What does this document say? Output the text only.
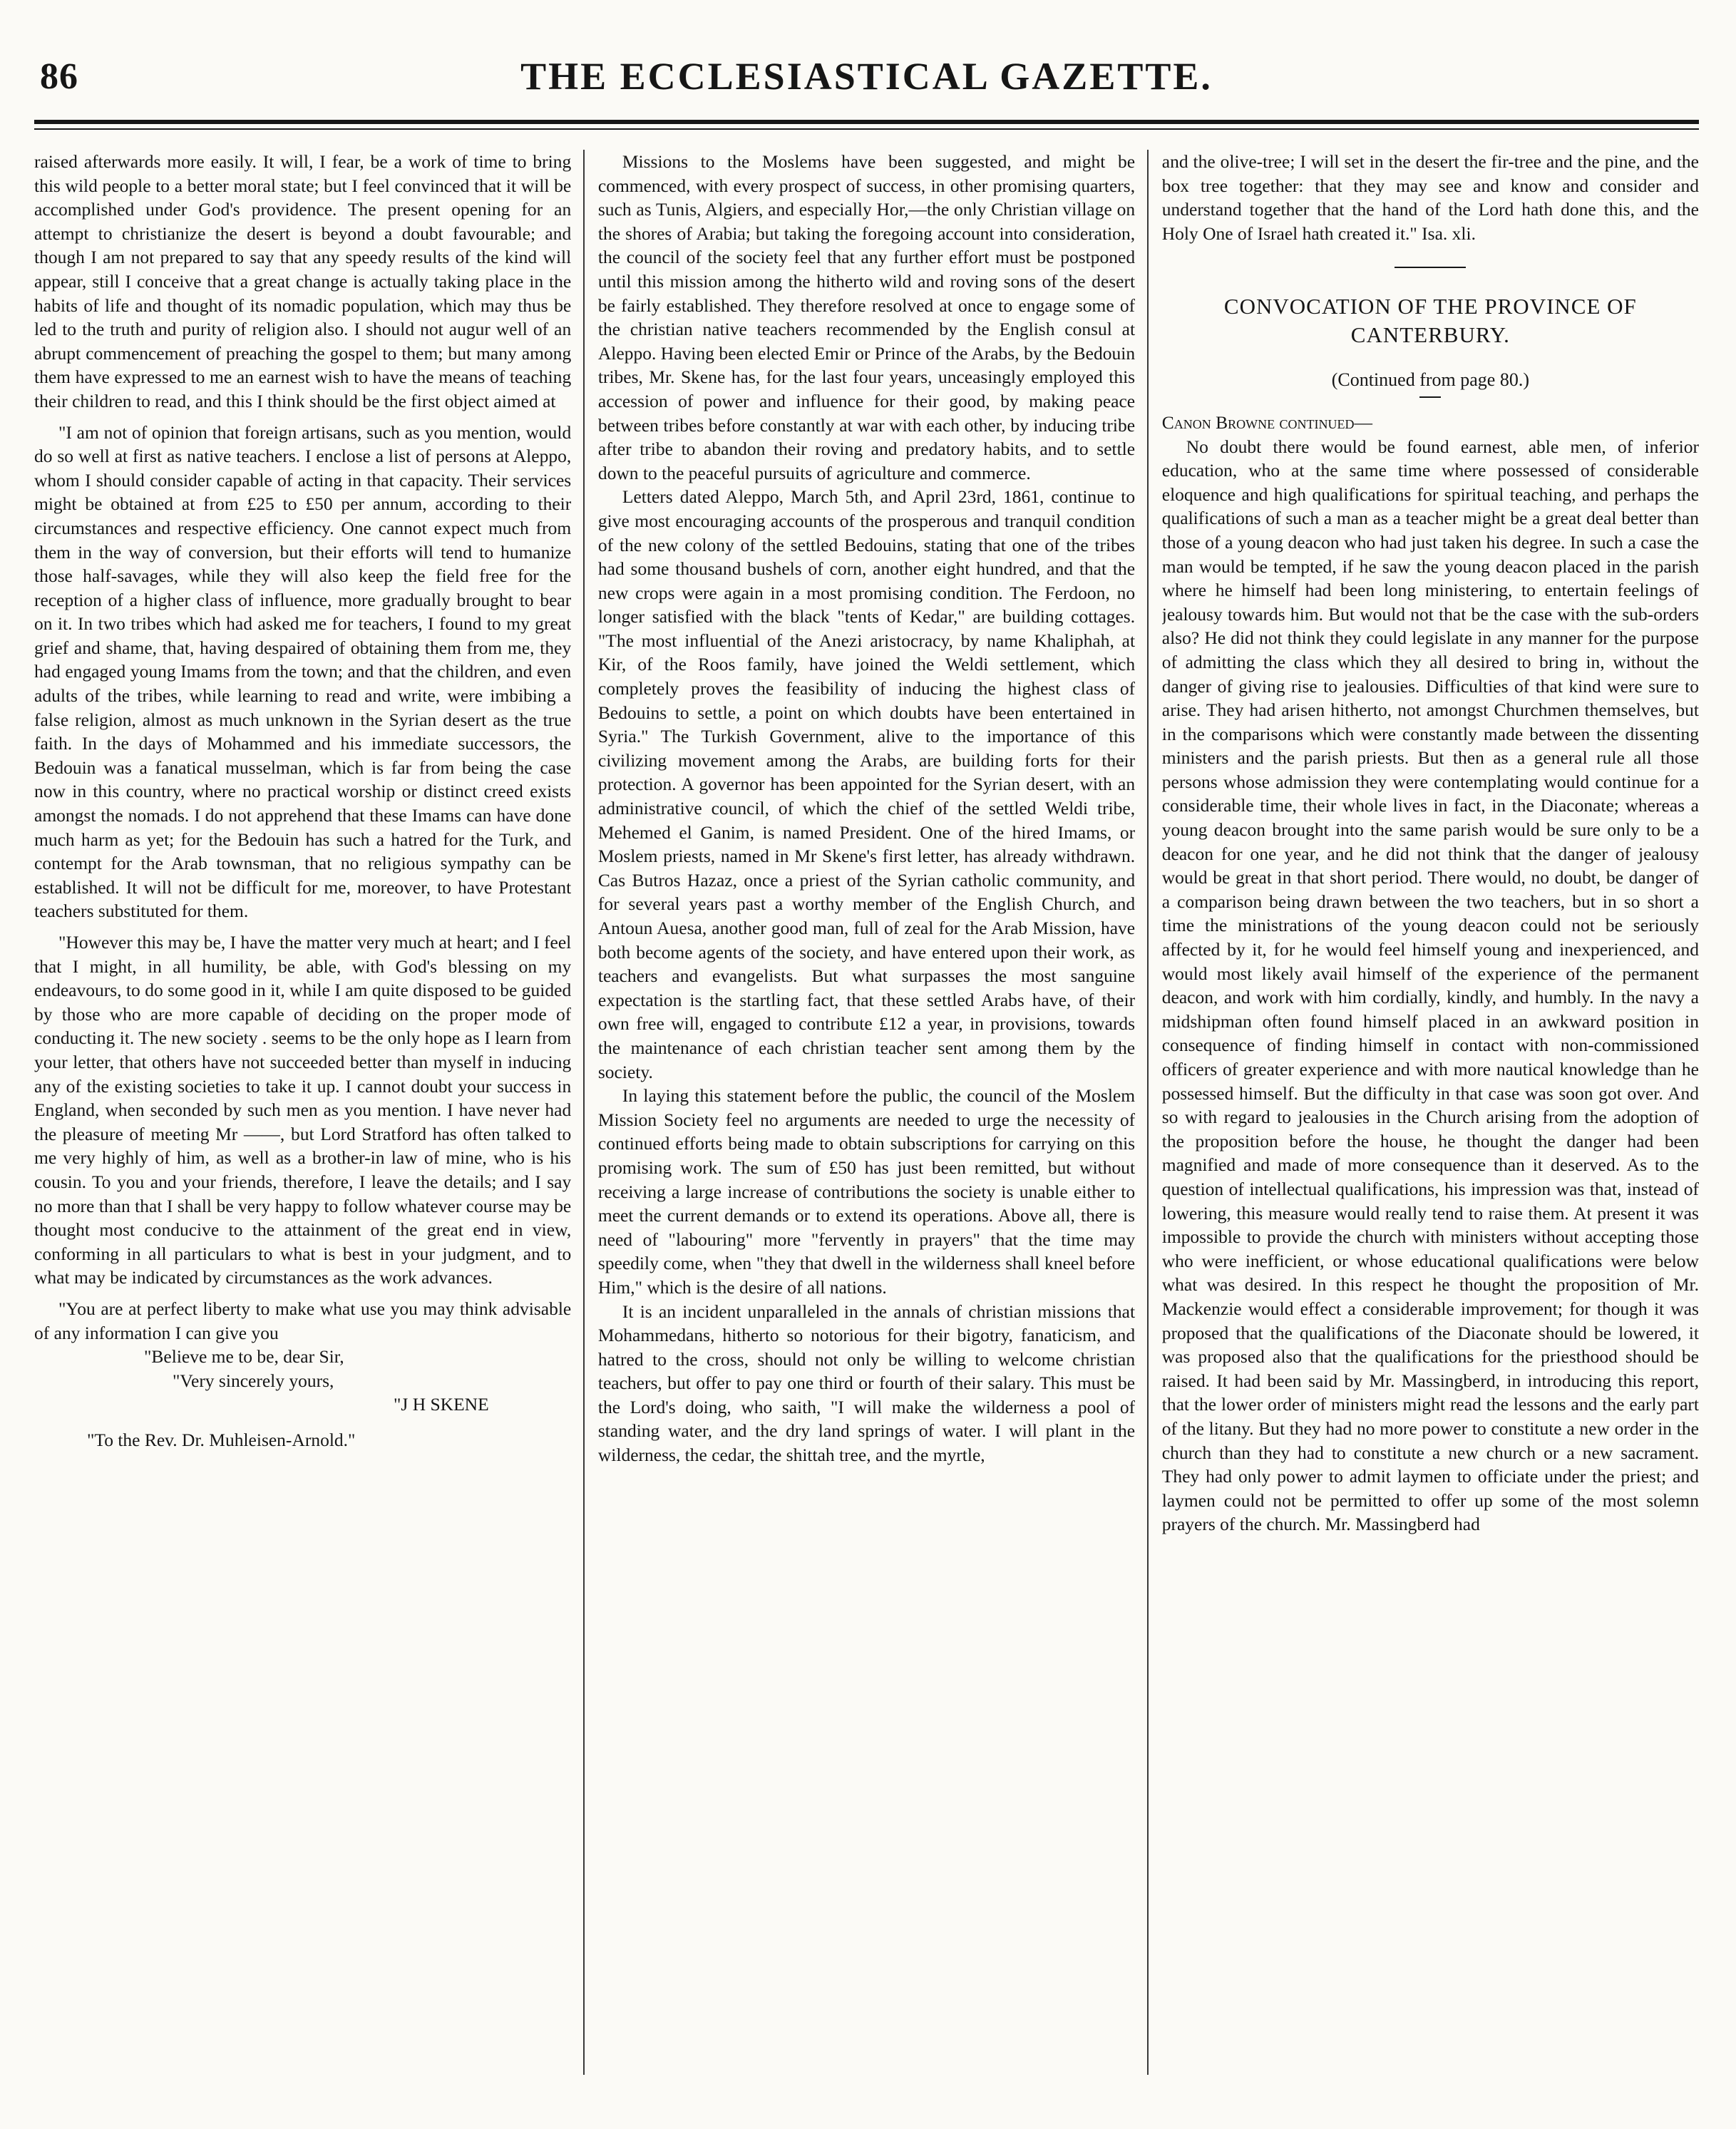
86	THE ECCLESIASTICAL GAZETTE.

raised afterwards more easily. It will, I fear, be a work of time to bring this wild people to a better moral state; but I feel convinced that it will be accomplished under God's providence. The present opening for an attempt to christianize the desert is beyond a doubt favourable; and though I am not prepared to say that any speedy results of the kind will appear, still I conceive that a great change is actually taking place in the habits of life and thought of its nomadic population, which may thus be led to the truth and purity of religion also. I should not augur well of an abrupt commencement of preaching the gospel to them; but many among them have expressed to me an earnest wish to have the means of teaching their children to read, and this I think should be the first object aimed at

"I am not of opinion that foreign artisans, such as you mention, would do so well at first as native teachers. I enclose a list of persons at Aleppo, whom I should consider capable of acting in that capacity. Their services might be obtained at from £25 to £50 per annum, according to their circumstances and respective efficiency. One cannot expect much from them in the way of conversion, but their efforts will tend to humanize those half-savages, while they will also keep the field free for the reception of a higher class of influence, more gradually brought to bear on it. In two tribes which had asked me for teachers, I found to my great grief and shame, that, having despaired of obtaining them from me, they had engaged young Imams from the town; and that the children, and even adults of the tribes, while learning to read and write, were imbibing a false religion, almost as much unknown in the Syrian desert as the true faith. In the days of Mohammed and his immediate successors, the Bedouin was a fanatical musselman, which is far from being the case now in this country, where no practical worship or distinct creed exists amongst the nomads. I do not apprehend that these Imams can have done much harm as yet; for the Bedouin has such a hatred for the Turk, and contempt for the Arab townsman, that no religious sympathy can be established. It will not be difficult for me, moreover, to have Protestant teachers substituted for them.

"However this may be, I have the matter very much at heart; and I feel that I might, in all humility, be able, with God's blessing on my endeavours, to do some good in it, while I am quite disposed to be guided by those who are more capable of deciding on the proper mode of conducting it. The new society . seems to be the only hope as I learn from your letter, that others have not succeeded better than myself in inducing any of the existing societies to take it up. I cannot doubt your success in England, when seconded by such men as you mention. I have never had the pleasure of meeting Mr ——, but Lord Stratford has often talked to me very highly of him, as well as a brother-in law of mine, who is his cousin. To you and your friends, therefore, I leave the details; and I say no more than that I shall be very happy to follow whatever course may be thought most conducive to the attainment of the great end in view, conforming in all particulars to what is best in your judgment, and to what may be indicated by circumstances as the work advances.

"You are at perfect liberty to make what use you may think advisable of any information I can give you

"Believe me to be, dear Sir,

"Very sincerely yours,

"J H SKENE

"To the Rev. Dr. Muhleisen-Arnold."

Missions to the Moslems have been suggested, and might be commenced, with every prospect of success, in other promising quarters, such as Tunis, Algiers, and especially Hor,—the only Christian village on the shores of Arabia; but taking the foregoing account into consideration, the council of the society feel that any further effort must be postponed until this mission among the hitherto wild and roving sons of the desert be fairly established. They therefore resolved at once to engage some of the christian native teachers recommended by the English consul at Aleppo. Having been elected Emir or Prince of the Arabs, by the Bedouin tribes, Mr. Skene has, for the last four years, unceasingly employed this accession of power and influence for their good, by making peace between tribes before constantly at war with each other, by inducing tribe after tribe to abandon their roving and predatory habits, and to settle down to the peaceful pursuits of agriculture and commerce.

Letters dated Aleppo, March 5th, and April 23rd, 1861, continue to give most encouraging accounts of the prosperous and tranquil condition of the new colony of the settled Bedouins, stating that one of the tribes had some thousand bushels of corn, another eight hundred, and that the new crops were again in a most promising condition. The Ferdoon, no longer satisfied with the black "tents of Kedar," are building cottages. "The most influential of the Anezi aristocracy, by name Khaliphah, at Kir, of the Roos family, have joined the Weldi settlement, which completely proves the feasibility of inducing the highest class of Bedouins to settle, a point on which doubts have been entertained in Syria." The Turkish Government, alive to the importance of this civilizing movement among the Arabs, are building forts for their protection. A governor has been appointed for the Syrian desert, with an administrative council, of which the chief of the settled Weldi tribe, Mehemed el Ganim, is named President. One of the hired Imams, or Moslem priests, named in Mr Skene's first letter, has already withdrawn. Cas Butros Hazaz, once a priest of the Syrian catholic community, and for several years past a worthy member of the English Church, and Antoun Auesa, another good man, full of zeal for the Arab Mission, have both become agents of the society, and have entered upon their work, as teachers and evangelists. But what surpasses the most sanguine expectation is the startling fact, that these settled Arabs have, of their own free will, engaged to contribute £12 a year, in provisions, towards the maintenance of each christian teacher sent among them by the society.

In laying this statement before the public, the council of the Moslem Mission Society feel no arguments are needed to urge the necessity of continued efforts being made to obtain subscriptions for carrying on this promising work. The sum of £50 has just been remitted, but without receiving a large increase of contributions the society is unable either to meet the current demands or to extend its operations. Above all, there is need of "labouring" more "fervently in prayers" that the time may speedily come, when "they that dwell in the wilderness shall kneel before Him," which is the desire of all nations.

It is an incident unparalleled in the annals of christian missions that Mohammedans, hitherto so notorious for their bigotry, fanaticism, and hatred to the cross, should not only be willing to welcome christian teachers, but offer to pay one third or fourth of their salary. This must be the Lord's doing, who saith, "I will make the wilderness a pool of standing water, and the dry land springs of water. I will plant in the wilderness, the cedar, the shittah tree, and the myrtle,

and the olive-tree; I will set in the desert the fir-tree and the pine, and the box tree together: that they may see and know and consider and understand together that the hand of the Lord hath done this, and the Holy One of Israel hath created it." Isa. xli.

CONVOCATION OF THE PROVINCE OF CANTERBURY.
(Continued from page 80.)

Canon Browne continued—

No doubt there would be found earnest, able men, of inferior education, who at the same time where possessed of considerable eloquence and high qualifications for spiritual teaching, and perhaps the qualifications of such a man as a teacher might be a great deal better than those of a young deacon who had just taken his degree. In such a case the man would be tempted, if he saw the young deacon placed in the parish where he himself had been long ministering, to entertain feelings of jealousy towards him. But would not that be the case with the sub-orders also? He did not think they could legislate in any manner for the purpose of admitting the class which they all desired to bring in, without the danger of giving rise to jealousies. Difficulties of that kind were sure to arise. They had arisen hitherto, not amongst Churchmen themselves, but in the comparisons which were constantly made between the dissenting ministers and the parish priests. But then as a general rule all those persons whose admission they were contemplating would continue for a considerable time, their whole lives in fact, in the Diaconate; whereas a young deacon brought into the same parish would be sure only to be a deacon for one year, and he did not think that the danger of jealousy would be great in that short period. There would, no doubt, be danger of a comparison being drawn between the two teachers, but in so short a time the ministrations of the young deacon could not be seriously affected by it, for he would feel himself young and inexperienced, and would most likely avail himself of the experience of the permanent deacon, and work with him cordially, kindly, and humbly. In the navy a midshipman often found himself placed in an awkward position in consequence of finding himself in contact with non-commissioned officers of greater experience and with more nautical knowledge than he possessed himself. But the difficulty in that case was soon got over. And so with regard to jealousies in the Church arising from the adoption of the proposition before the house, he thought the danger had been magnified and made of more consequence than it deserved. As to the question of intellectual qualifications, his impression was that, instead of lowering, this measure would really tend to raise them. At present it was impossible to provide the church with ministers without accepting those who were inefficient, or whose educational qualifications were below what was desired. In this respect he thought the proposition of Mr. Mackenzie would effect a considerable improvement; for though it was proposed that the qualifications of the Diaconate should be lowered, it was proposed also that the qualifications for the priesthood should be raised. It had been said by Mr. Massingberd, in introducing this report, that the lower order of ministers might read the lessons and the early part of the litany. But they had no more power to constitute a new order in the church than they had to constitute a new church or a new sacrament. They had only power to admit laymen to officiate under the priest; and laymen could not be permitted to offer up some of the most solemn prayers of the church. Mr. Massingberd had
